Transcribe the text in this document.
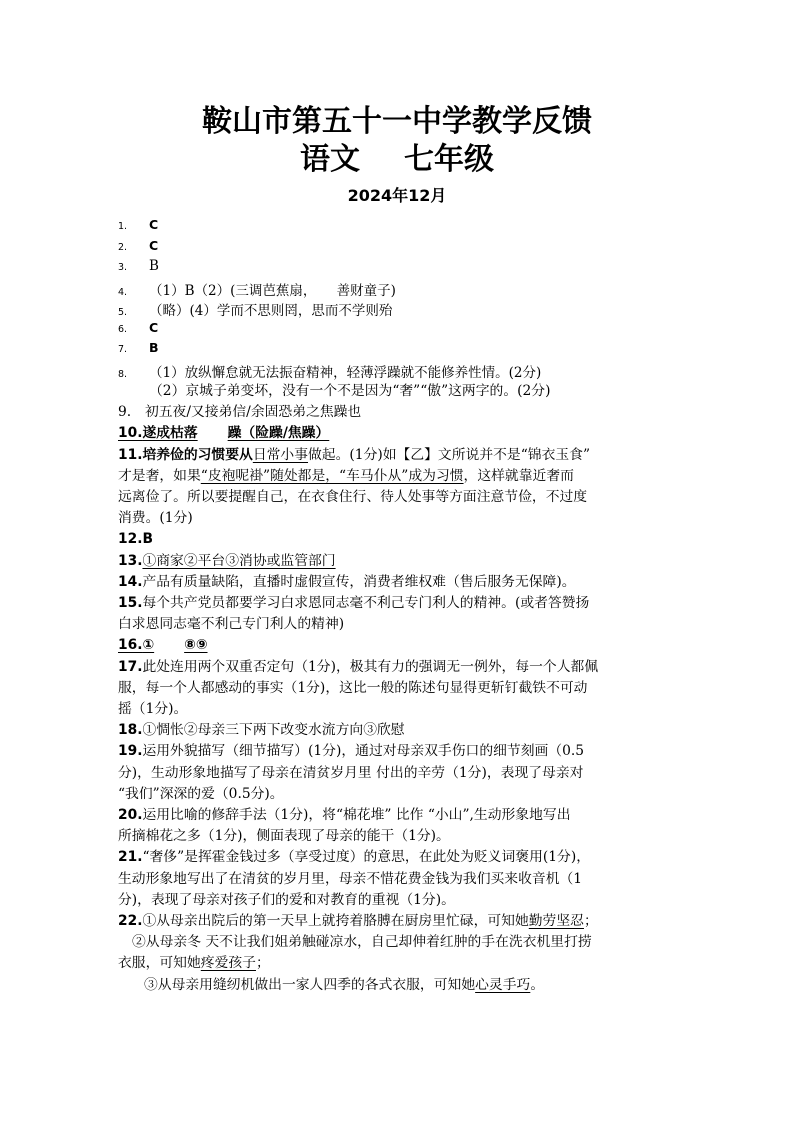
鞍山市第五十一中学教学反馈
语文 七年级
2024年12月
1.	C
2.	C
3.	B
4.	（1）B（2）(三调芭蕉扇，　　善财童子)
5.	（略）(4）学而不思则罔，思而不学则殆
6.	C
7.	B
8.	（1）放纵懈怠就无法振奋精神，轻薄浮躁就不能修养性情。(2分)
（2）京城子弟变坏，没有一个不是因为“奢”“傲”这两字的。(2分)
9.　初五夜/又接弟信/余固恐弟之焦躁也
10.遂成枯落 躁（险躁/焦躁）
11.培养俭的习惯要从日常小事做起。(1分)如【乙】文所说并不是“锦衣玉食”
才是奢，如果“皮袍呢褂”随处都是，“车马仆从”成为习惯，这样就靠近奢而
远离俭了。所以要提醒自己，在衣食住行、待人处事等方面注意节俭，不过度
消费。(1分)
12.B
13.①商家②平台③消协或监管部门
14.产品有质量缺陷，直播时虚假宣传，消费者维权难（售后服务无保障)。
15.每个共产党员都要学习白求恩同志毫不利己专门利人的精神。(或者答赞扬
白求恩同志毫不利己专门利人的精神)
16.① ⑧⑨
17.此处连用两个双重否定句（1分)，极其有力的强调无一例外，每一个人都佩
服，每一个人都感动的事实（1分)，这比一般的陈述句显得更斩钉截铁不可动
摇（1分)。
18.①惆怅②母亲三下两下改变水流方向③欣慰
19.运用外貌描写（细节描写）(1分)，通过对母亲双手伤口的细节刻画（0.5
分)，生动形象地描写了母亲在清贫岁月里 付出的辛劳（1分)，表现了母亲对
“我们”深深的爱（0.5分)。
20.运用比喻的修辞手法（1分)，将“棉花堆” 比作 “小山”,生动形象地写出
所摘棉花之多（1分)，侧面表现了母亲的能干（1分)。
21.“奢侈”是挥霍金钱过多（享受过度）的意思，在此处为贬义词褒用(1分)，
生动形象地写出了在清贫的岁月里，母亲不惜花费金钱为我们买来收音机（1
分)，表现了母亲对孩子们的爱和对教育的重视（1分)。
22.①从母亲出院后的第一天早上就挎着胳膊在厨房里忙碌，可知她勤劳坚忍；
②从母亲冬 天不让我们姐弟触碰凉水，自己却伸着红肿的手在洗衣机里打捞
衣服，可知她疼爱孩子；
③从母亲用缝纫机做出一家人四季的各式衣服，可知她心灵手巧。
